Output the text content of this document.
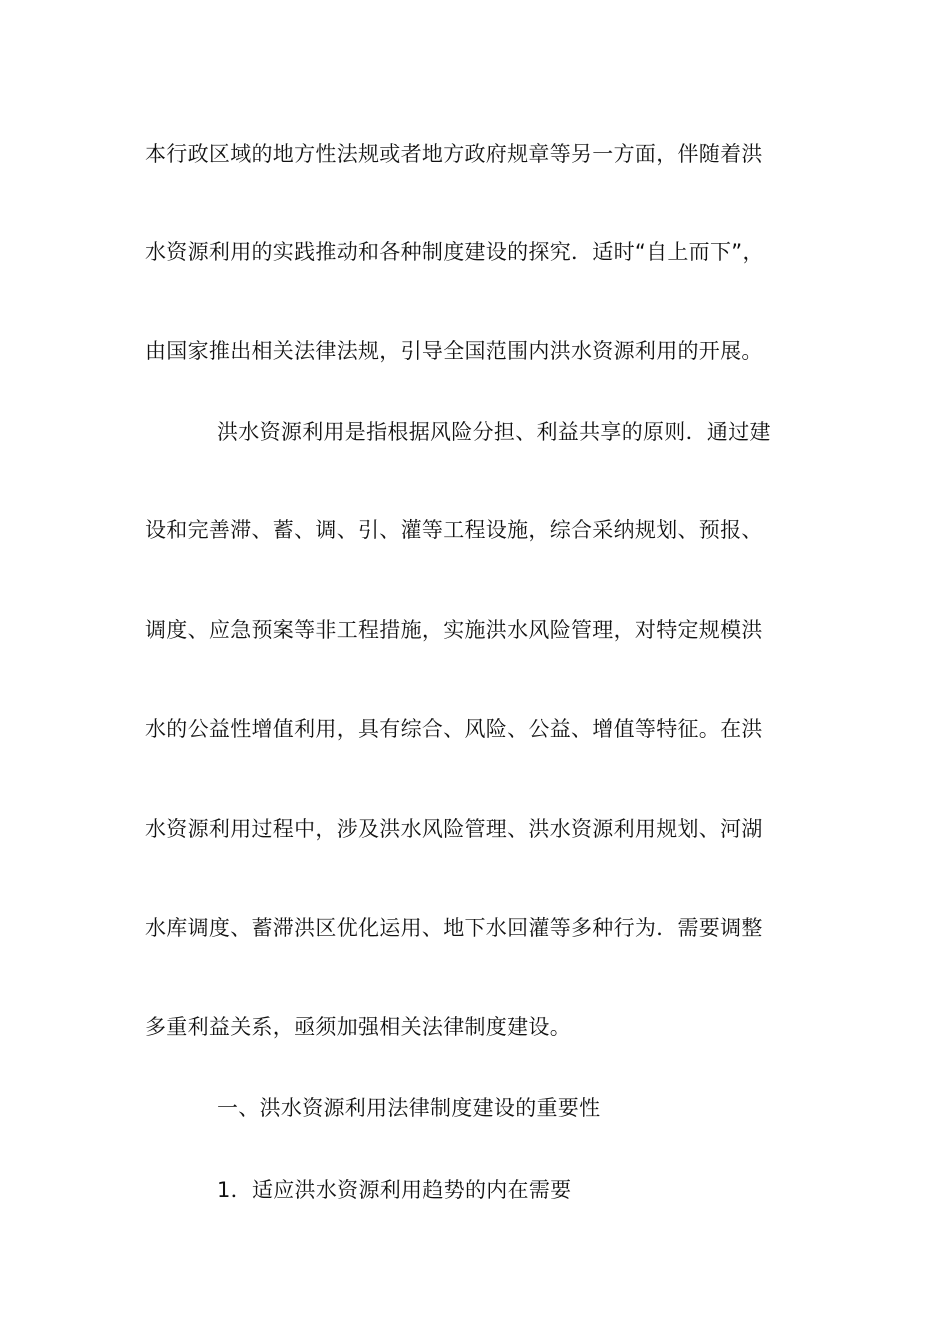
本行政区域的地方性法规或者地方政府规章等另一方面，伴随着洪
水资源利用的实践推动和各种制度建设的探究．适时“自上而下”，
由国家推出相关法律法规，引导全国范围内洪水资源利用的开展。
洪水资源利用是指根据风险分担、利益共享的原则．通过建
设和完善滞、蓄、调、引、灌等工程设施，综合采纳规划、预报、
调度、应急预案等非工程措施，实施洪水风险管理，对特定规模洪
水的公益性增值利用，具有综合、风险、公益、增值等特征。在洪
水资源利用过程中，涉及洪水风险管理、洪水资源利用规划、河湖
水库调度、蓄滞洪区优化运用、地下水回灌等多种行为．需要调整
多重利益关系，亟须加强相关法律制度建设。
一、洪水资源利用法律制度建设的重要性
1．适应洪水资源利用趋势的内在需要
